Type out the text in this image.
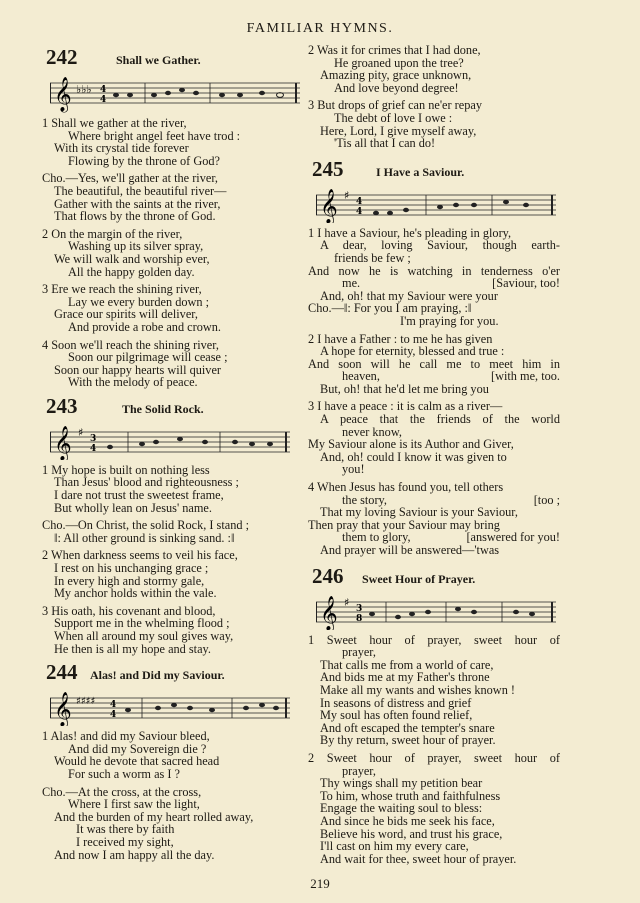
FAMILIAR HYMNS.
242	Shall we Gather.
𝄞 ♭♭♭ 4
4
1 Shall we gather at the river,
Where bright angel feet have trod :
With its crystal tide forever
Flowing by the throne of God?
Cho.—Yes, we'll gather at the river,
The beautiful, the beautiful river—
Gather with the saints at the river,
That flows by the throne of God.
2 On the margin of the river,
Washing up its silver spray,
We will walk and worship ever,
All the happy golden day.
3 Ere we reach the shining river,
Lay we every burden down ;
Grace our spirits will deliver,
And provide a robe and crown.
4 Soon we'll reach the shining river,
Soon our pilgrimage will cease ;
Soon our happy hearts will quiver
With the melody of peace.
243	The Solid Rock.
𝄞 ♯ 3
4
1 My hope is built on nothing less
Than Jesus' blood and righteousness ;
I dare not trust the sweetest frame,
But wholly lean on Jesus' name.
Cho.—On Christ, the solid Rock, I stand ;
‖: All other ground is sinking sand. :‖
2 When darkness seems to veil his face,
I rest on his unchanging grace ;
In every high and stormy gale,
My anchor holds within the vale.
3 His oath, his covenant and blood,
Support me in the whelming flood ;
When all around my soul gives way,
He then is all my hope and stay.
244 Alas! and Did my Saviour.
𝄞 ♯♯♯♯ 4
4
1 Alas! and did my Saviour bleed,
And did my Sovereign die ?
Would he devote that sacred head
For such a worm as I ?
Cho.—At the cross, at the cross,
Where I first saw the light,
And the burden of my heart rolled away,
It was there by faith
I received my sight,
And now I am happy all the day.
2 Was it for crimes that I had done,
He groaned upon the tree?
Amazing pity, grace unknown,
And love beyond degree!
3 But drops of grief can ne'er repay
The debt of love I owe :
Here, Lord, I give myself away,
'Tis all that I can do!
245	I Have a Saviour.
𝄞 ♯ 4
4
1 I have a Saviour, he's pleading in glory,
A dear, loving Saviour, though earth-
friends be few ;
And now he is watching in tenderness o'er
me.	[Saviour, too!
And, oh! that my Saviour were your
Cho.—‖: For you I am praying, :‖
I'm praying for you.
2 I have a Father : to me he has given
A hope for eternity, blessed and true :
And soon will he call me to meet him in
heaven,	[with me, too.
But, oh! that he'd let me bring you
3 I have a peace : it is calm as a river—
A peace that the friends of the world
never know,
My Saviour alone is its Author and Giver,
And, oh! could I know it was given to
you!
4 When Jesus has found you, tell others
the story,	[too ;
That my loving Saviour is your Saviour,
Then pray that your Saviour may bring
them to glory,	[answered for you!
And prayer will be answered—'twas
246 Sweet Hour of Prayer.
𝄞 ♯ 3
8
1 Sweet hour of prayer, sweet hour of
prayer,
That calls me from a world of care,
And bids me at my Father's throne
Make all my wants and wishes known !
In seasons of distress and grief
My soul has often found relief,
And oft escaped the tempter's snare
By thy return, sweet hour of prayer.
2 Sweet hour of prayer, sweet hour of
prayer,
Thy wings shall my petition bear
To him, whose truth and faithfulness
Engage the waiting soul to bless:
And since he bids me seek his face,
Believe his word, and trust his grace,
I'll cast on him my every care,
And wait for thee, sweet hour of prayer.
219
